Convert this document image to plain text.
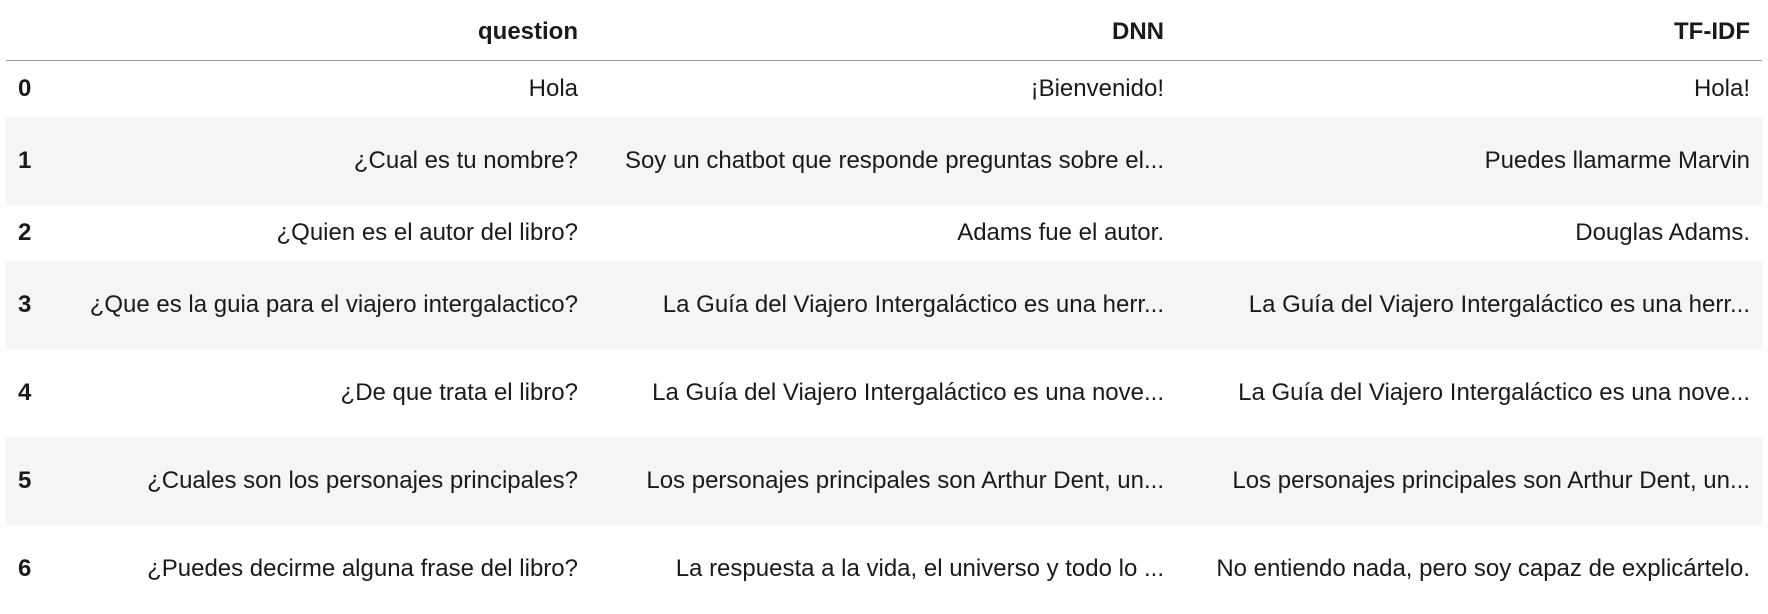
	question	DNN	TF-IDF
0	Hola	¡Bienvenido!	Hola!
1	¿Cual es tu nombre?	Soy un chatbot que responde preguntas sobre el...	Puedes llamarme Marvin
2	¿Quien es el autor del libro?	Adams fue el autor.	Douglas Adams.
3	¿Que es la guia para el viajero intergalactico?	La Guía del Viajero Intergaláctico es una herr...	La Guía del Viajero Intergaláctico es una herr...
4	¿De que trata el libro?	La Guía del Viajero Intergaláctico es una nove...	La Guía del Viajero Intergaláctico es una nove...
5	¿Cuales son los personajes principales?	Los personajes principales son Arthur Dent, un...	Los personajes principales son Arthur Dent, un...
6	¿Puedes decirme alguna frase del libro?	La respuesta a la vida, el universo y todo lo ...	No entiendo nada, pero soy capaz de explicártelo.
